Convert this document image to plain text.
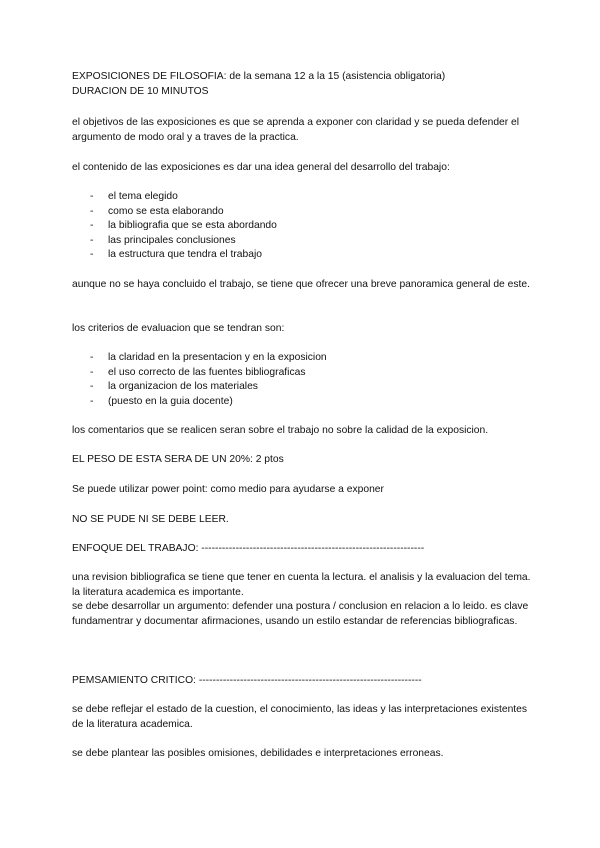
EXPOSICIONES DE FILOSOFIA: de la semana 12 a la 15 (asistencia obligatoria)
DURACION DE 10 MINUTOS

el objetivos de las exposiciones es que se aprenda a exponer con claridad y se pueda defender el argumento de modo oral y a traves de la practica.

el contenido de las exposiciones es dar una idea general del desarrollo del trabajo:

- el tema elegido
- como se esta elaborando
- la bibliografia que se esta abordando
- las principales conclusiones
- la estructura que tendra el trabajo

aunque no se haya concluido el trabajo, se tiene que ofrecer una breve panoramica general de este.

los criterios de evaluacion que se tendran son:

- la claridad en la presentacion y en la exposicion
- el uso correcto de las fuentes bibliograficas
- la organizacion de los materiales
- (puesto en la guia docente)

los comentarios que se realicen seran sobre el trabajo no sobre la calidad de la exposicion.

EL PESO DE ESTA SERA DE UN 20%: 2 ptos

Se puede utilizar power point: como medio para ayudarse a exponer

NO SE PUDE NI SE DEBE LEER.

ENFOQUE DEL TRABAJO: -----------------------------------------------------------------

una revision bibliografica se tiene que tener en cuenta la lectura. el analisis y la evaluacion del tema.
la literatura academica es importante.
se debe desarrollar un argumento: defender una postura / conclusion en relacion a lo leido. es clave fundamentrar y documentar afirmaciones, usando un estilo estandar de referencias bibliograficas.

PEMSAMIENTO CRITICO: -----------------------------------------------------------------

se debe reflejar el estado de la cuestion, el conocimiento, las ideas y las interpretaciones existentes de la literatura academica.

se debe plantear las posibles omisiones, debilidades e interpretaciones erroneas.
